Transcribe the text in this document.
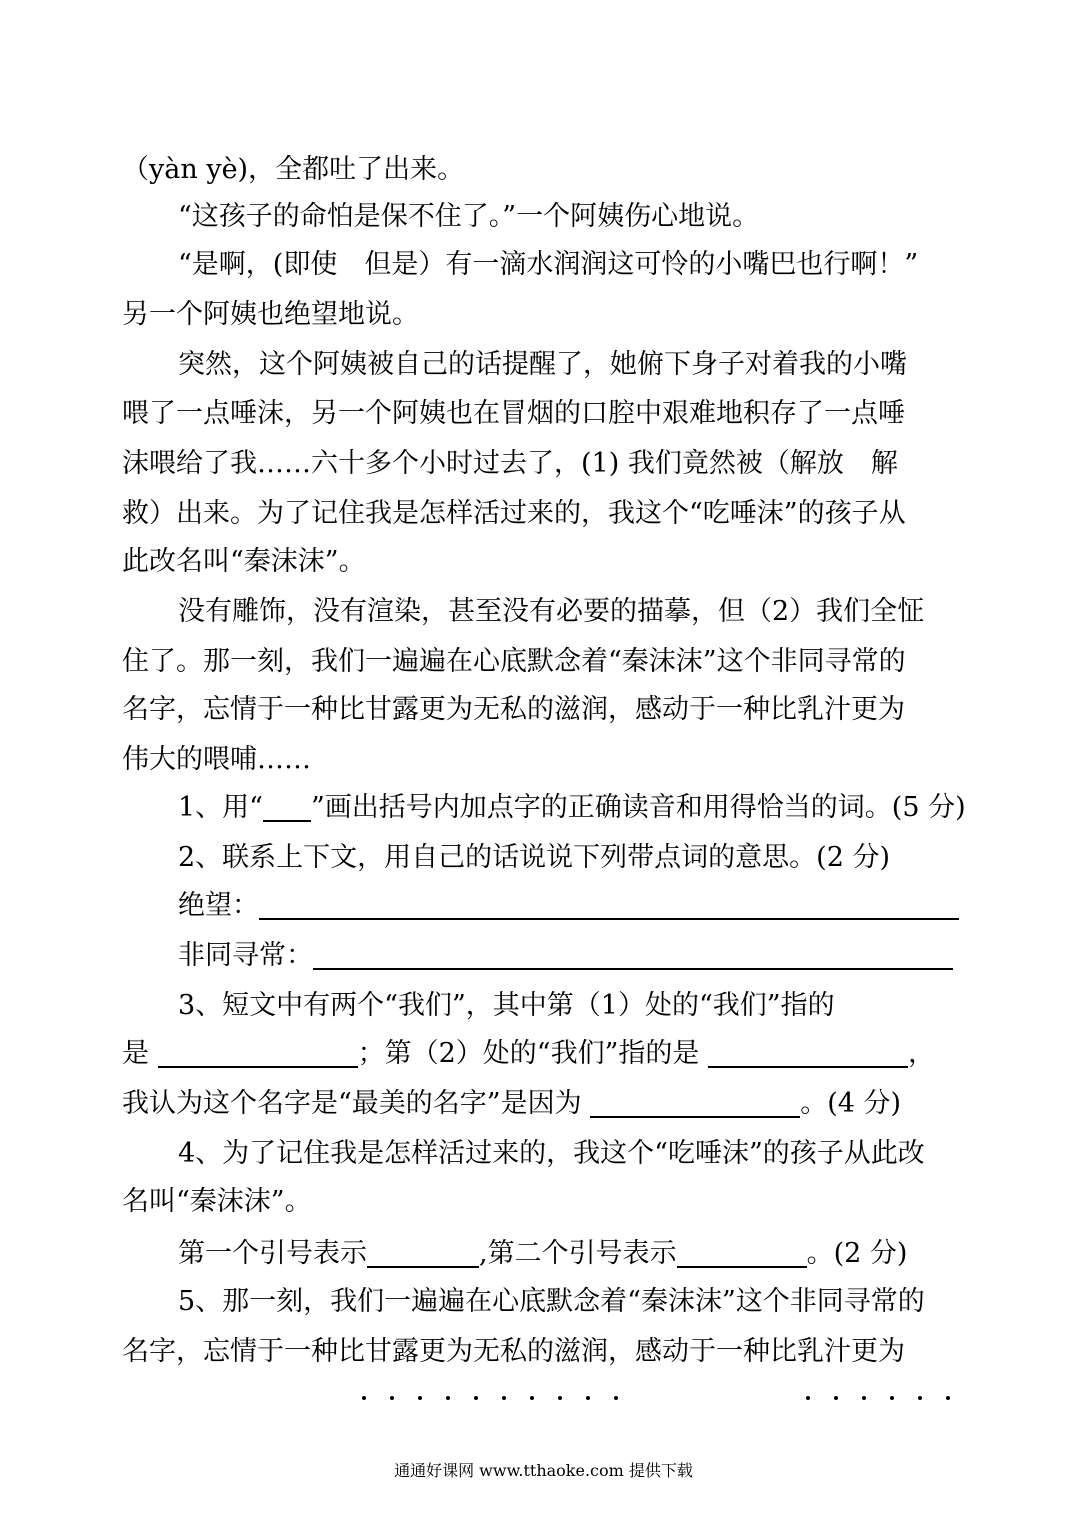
（yàn yè)，全都吐了出来。
“这孩子的命怕是保不住了。”一个阿姨伤心地说。
“是啊，(即使　但是）有一滴水润润这可怜的小嘴巴也行啊！”
另一个阿姨也绝望地说。
突然，这个阿姨被自己的话提醒了，她俯下身子对着我的小嘴
喂了一点唾沫，另一个阿姨也在冒烟的口腔中艰难地积存了一点唾
沫喂给了我……六十多个小时过去了，(1) 我们竟然被（解放　解
救）出来。为了记住我是怎样活过来的，我这个“吃唾沫”的孩子从
此改名叫“秦沫沫”。
没有雕饰，没有渲染，甚至没有必要的描摹，但（2）我们全怔
住了。那一刻，我们一遍遍在心底默念着“秦沫沫”这个非同寻常的
名字，忘情于一种比甘露更为无私的滋润，感动于一种比乳汁更为
伟大的喂哺……
1、用“ ”画出括号内加点字的正确读音和用得恰当的词。(5 分)
2、联系上下文，用自己的话说说下列带点词的意思。(2 分)
绝望：
非同寻常：
3、短文中有两个“我们”，其中第（1）处的“我们”指的
是	；第（2）处的“我们”指的是	，
我认为这个名字是“最美的名字”是因为	。(4 分)
4、为了记住我是怎样活过来的，我这个“吃唾沫”的孩子从此改
名叫“秦沫沫”。
第一个引号表示	,第二个引号表示	。(2 分)
5、那一刻，我们一遍遍在心底默念着“秦沫沫”这个非同寻常的
名字，忘情于一种比甘露更为无私的滋润，感动于一种比乳汁更为
通通好课网 www.tthaoke.com 提供下载
